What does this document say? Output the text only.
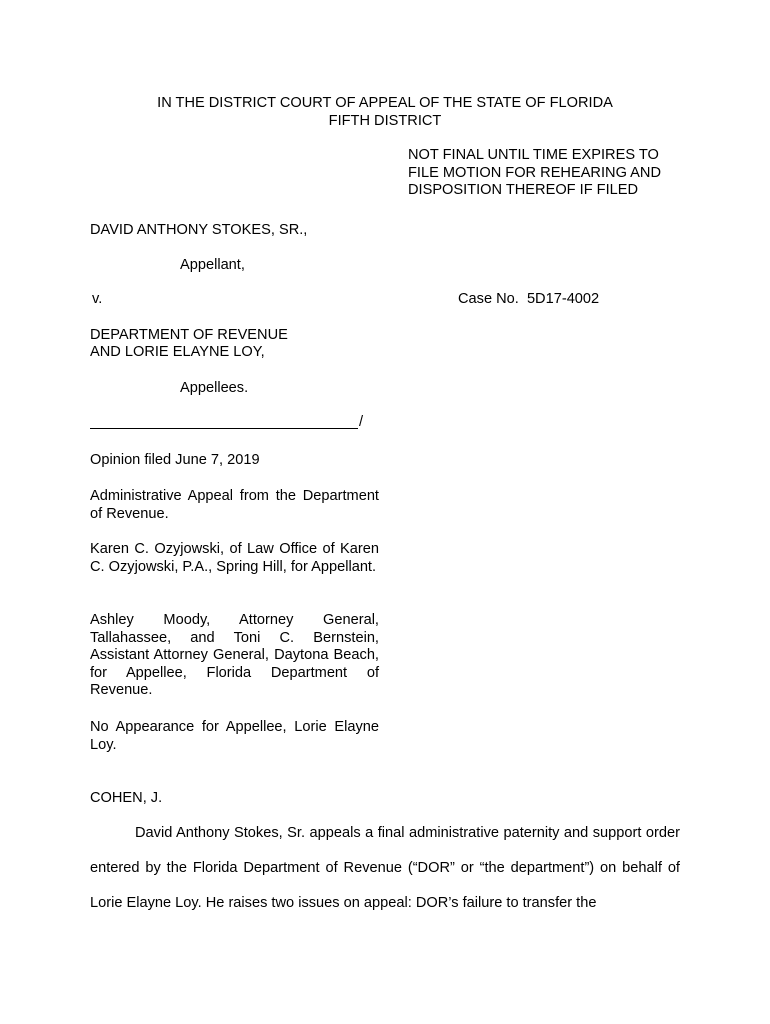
IN THE DISTRICT COURT OF APPEAL OF THE STATE OF FLORIDA
FIFTH DISTRICT
NOT FINAL UNTIL TIME EXPIRES TO
FILE MOTION FOR REHEARING AND
DISPOSITION THEREOF IF FILED
DAVID ANTHONY STOKES, SR.,
Appellant,
v.	Case No.  5D17-4002
DEPARTMENT OF REVENUE
AND LORIE ELAYNE LOY,
Appellees.
/
Opinion filed June 7, 2019
Administrative Appeal from the Department of Revenue.
Karen C. Ozyjowski, of Law Office of Karen C. Ozyjowski, P.A., Spring Hill, for Appellant.
Ashley Moody, Attorney General, Tallahassee, and Toni C. Bernstein, Assistant Attorney General, Daytona Beach, for Appellee, Florida Department of Revenue.
No Appearance for Appellee, Lorie Elayne Loy.
COHEN, J.
David Anthony Stokes, Sr. appeals a final administrative paternity and support order entered by the Florida Department of Revenue (“DOR” or “the department”) on behalf of Lorie Elayne Loy. He raises two issues on appeal: DOR’s failure to transfer the
